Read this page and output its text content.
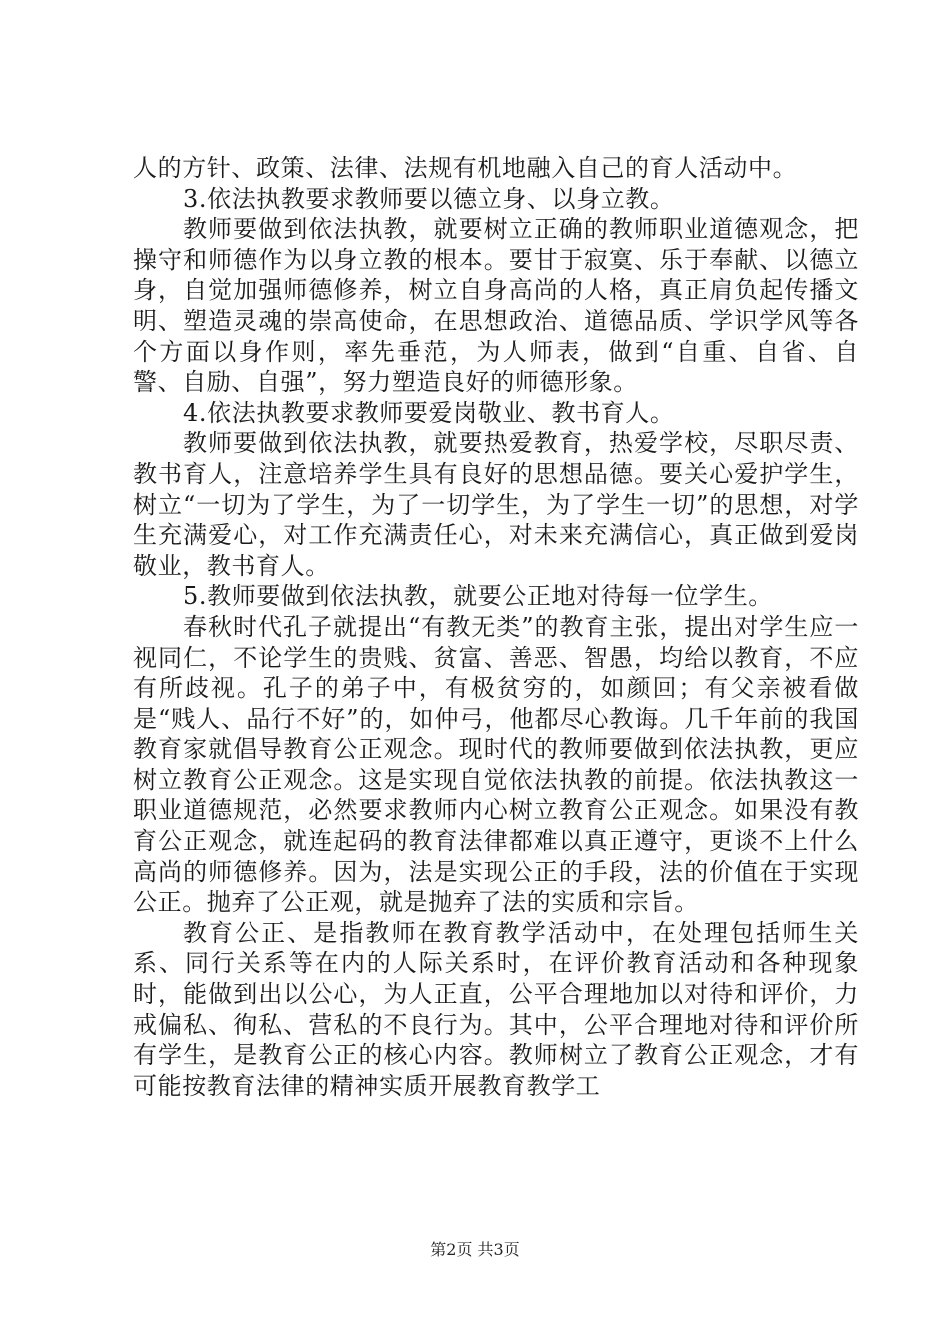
人的方针、政策、法律、法规有机地融入自己的育人活动中。

3.依法执教要求教师要以德立身、以身立教。

教师要做到依法执教，就要树立正确的教师职业道德观念，把操守和师德作为以身立教的根本。要甘于寂寞、乐于奉献、以德立身，自觉加强师德修养，树立自身高尚的人格，真正肩负起传播文明、塑造灵魂的崇高使命，在思想政治、道德品质、学识学风等各个方面以身作则，率先垂范，为人师表，做到“自重、自省、自警、自励、自强”，努力塑造良好的师德形象。

4.依法执教要求教师要爱岗敬业、教书育人。

教师要做到依法执教，就要热爱教育，热爱学校，尽职尽责、教书育人，注意培养学生具有良好的思想品德。要关心爱护学生，树立“一切为了学生，为了一切学生，为了学生一切”的思想，对学生充满爱心，对工作充满责任心，对未来充满信心，真正做到爱岗敬业，教书育人。

5.教师要做到依法执教，就要公正地对待每一位学生。

春秋时代孔子就提出“有教无类”的教育主张，提出对学生应一视同仁，不论学生的贵贱、贫富、善恶、智愚，均给以教育，不应有所歧视。孔子的弟子中，有极贫穷的，如颜回；有父亲被看做是“贱人、品行不好”的，如仲弓，他都尽心教诲。几千年前的我国教育家就倡导教育公正观念。现时代的教师要做到依法执教，更应树立教育公正观念。这是实现自觉依法执教的前提。依法执教这一职业道德规范，必然要求教师内心树立教育公正观念。如果没有教育公正观念，就连起码的教育法律都难以真正遵守，更谈不上什么高尚的师德修养。因为，法是实现公正的手段，法的价值在于实现公正。抛弃了公正观，就是抛弃了法的实质和宗旨。

教育公正、是指教师在教育教学活动中，在处理包括师生关系、同行关系等在内的人际关系时，在评价教育活动和各种现象时，能做到出以公心，为人正直，公平合理地加以对待和评价，力戒偏私、徇私、营私的不良行为。其中，公平合理地对待和评价所有学生，是教育公正的核心内容。教师树立了教育公正观念，才有可能按教育法律的精神实质开展教育教学工

第2页 共3页
